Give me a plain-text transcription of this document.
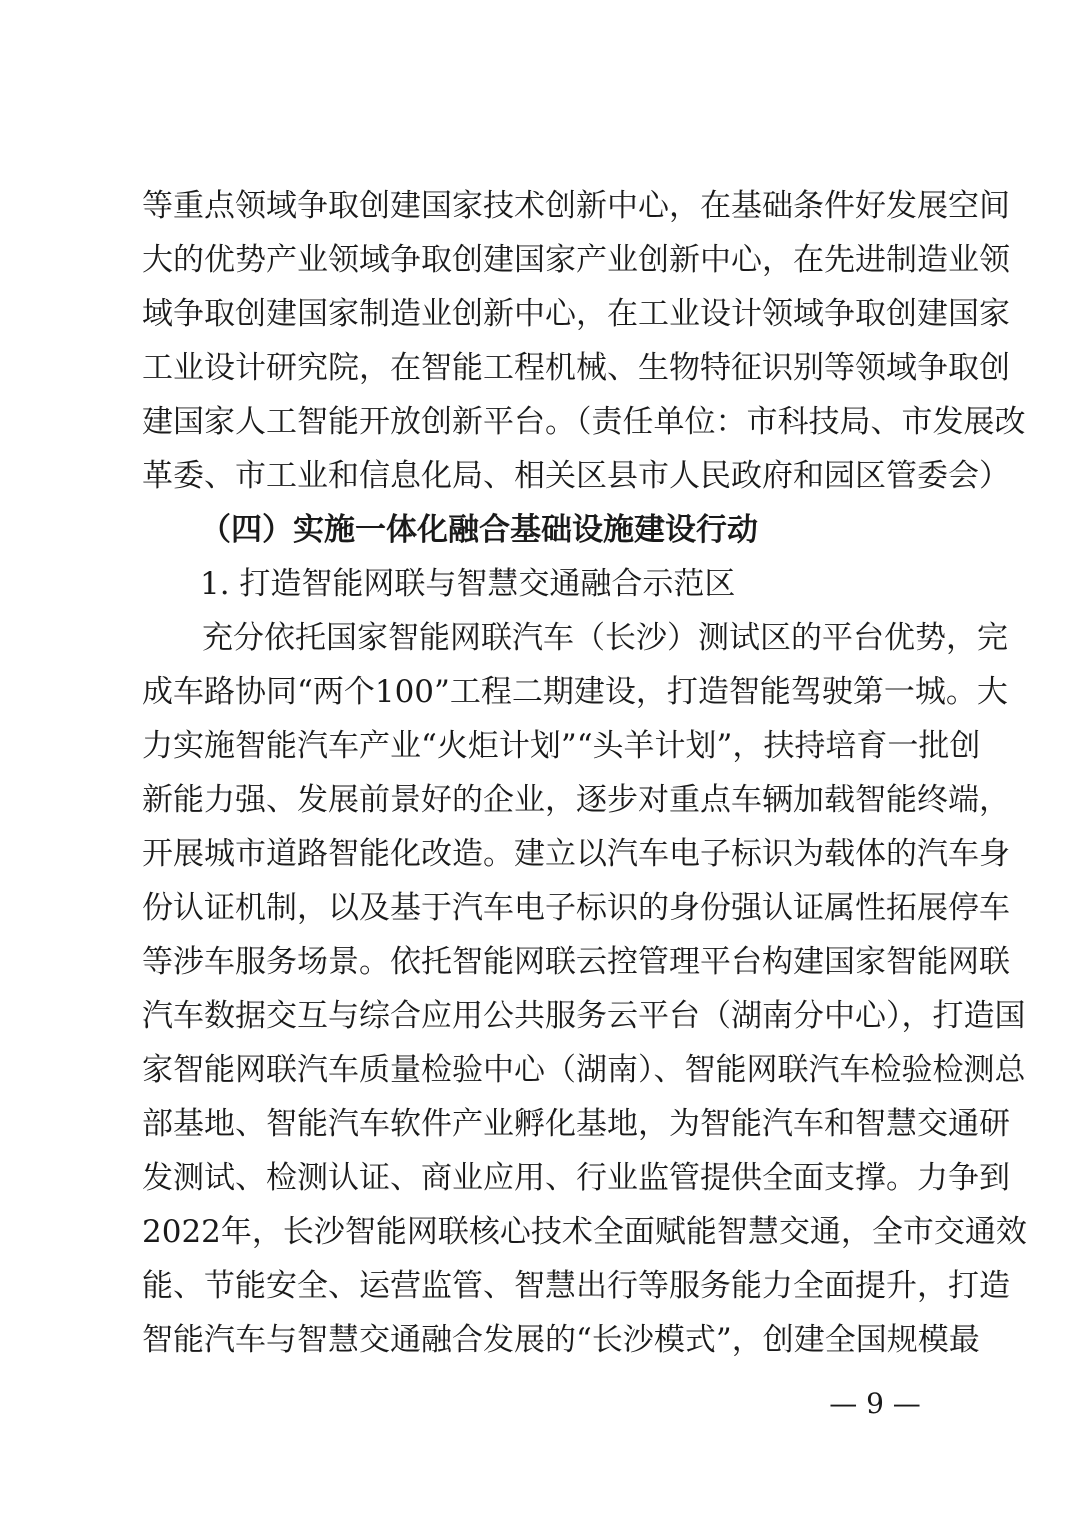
等重点领域争取创建国家技术创新中心，在基础条件好发展空间
大的优势产业领域争取创建国家产业创新中心，在先进制造业领
域争取创建国家制造业创新中心，在工业设计领域争取创建国家
工业设计研究院，在智能工程机械、生物特征识别等领域争取创
建国家人工智能开放创新平台。（责任单位：市科技局、市发展改
革委、市工业和信息化局、相关区县市人民政府和园区管委会）
（四）实施一体化融合基础设施建设行动
1. 打造智能网联与智慧交通融合示范区
充分依托国家智能网联汽车（长沙）测试区的平台优势，完
成车路协同“两个100”工程二期建设，打造智能驾驶第一城。大
力实施智能汽车产业“火炬计划”“头羊计划”，扶持培育一批创
新能力强、发展前景好的企业，逐步对重点车辆加载智能终端，
开展城市道路智能化改造。建立以汽车电子标识为载体的汽车身
份认证机制，以及基于汽车电子标识的身份强认证属性拓展停车
等涉车服务场景。依托智能网联云控管理平台构建国家智能网联
汽车数据交互与综合应用公共服务云平台（湖南分中心），打造国
家智能网联汽车质量检验中心（湖南）、智能网联汽车检验检测总
部基地、智能汽车软件产业孵化基地，为智能汽车和智慧交通研
发测试、检测认证、商业应用、行业监管提供全面支撑。力争到
2022年，长沙智能网联核心技术全面赋能智慧交通，全市交通效
能、节能安全、运营监管、智慧出行等服务能力全面提升，打造
智能汽车与智慧交通融合发展的“长沙模式”，创建全国规模最
— 9 —
